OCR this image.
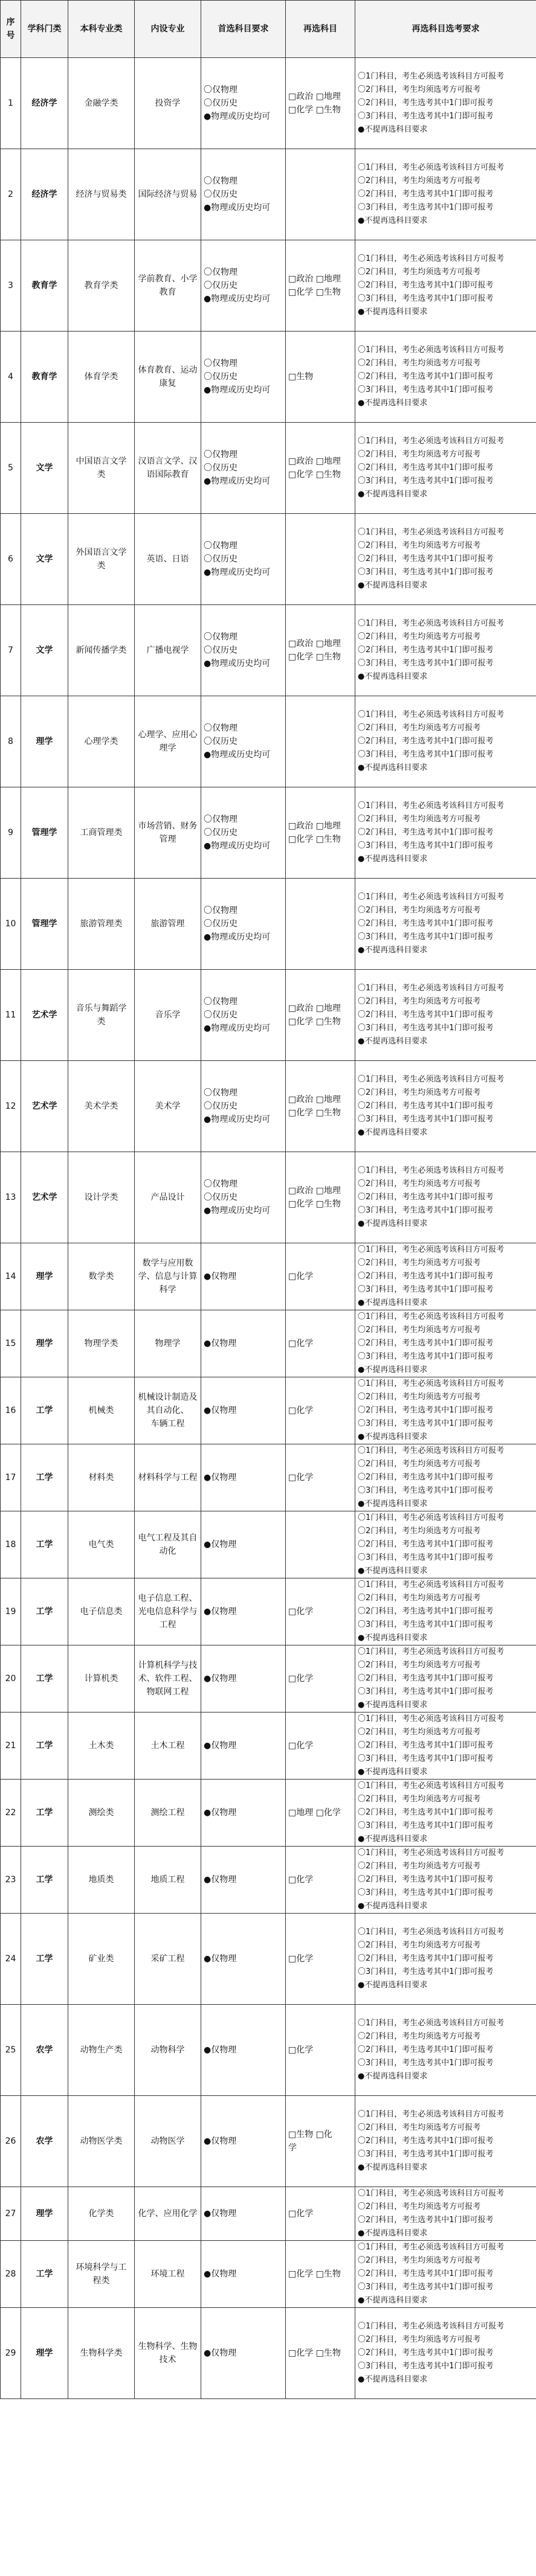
序号	学科门类	本科专业类	内设专业	首选科目要求	再选科目	再选科目选考要求
1	经济学	金融学类	投资学	〇仅物理
〇仅历史
●物理或历史均可	□政治 □地理
□化学 □生物	〇1门科目，考生必须选考该科目方可报考
〇2门科目，考生均须选考方可报考
〇2门科目，考生选考其中1门即可报考
〇3门科目，考生选考其中1门即可报考
●不提再选科目要求

2	经济学	经济与贸易类	国际经济与贸易	〇仅物理
〇仅历史
●物理或历史均可		〇1门科目，考生必须选考该科目方可报考
〇2门科目，考生均须选考方可报考
〇2门科目，考生选考其中1门即可报考
〇3门科目，考生选考其中1门即可报考
●不提再选科目要求

3	教育学	教育学类	学前教育、小学
教育	〇仅物理
〇仅历史
●物理或历史均可	□政治 □地理
□化学 □生物	〇1门科目，考生必须选考该科目方可报考
〇2门科目，考生均须选考方可报考
〇2门科目，考生选考其中1门即可报考
〇3门科目，考生选考其中1门即可报考
●不提再选科目要求

4	教育学	体育学类	体育教育、运动
康复	〇仅物理
〇仅历史
●物理或历史均可	□生物	〇1门科目，考生必须选考该科目方可报考
〇2门科目，考生均须选考方可报考
〇2门科目，考生选考其中1门即可报考
〇3门科目，考生选考其中1门即可报考
●不提再选科目要求

5	文学	中国语言文学
类	汉语言文学、汉
语国际教育	〇仅物理
〇仅历史
●物理或历史均可	□政治 □地理
□化学 □生物	〇1门科目，考生必须选考该科目方可报考
〇2门科目，考生均须选考方可报考
〇2门科目，考生选考其中1门即可报考
〇3门科目，考生选考其中1门即可报考
●不提再选科目要求

6	文学	外国语言文学
类	英语、日语	〇仅物理
〇仅历史
●物理或历史均可		〇1门科目，考生必须选考该科目方可报考
〇2门科目，考生均须选考方可报考
〇2门科目，考生选考其中1门即可报考
〇3门科目，考生选考其中1门即可报考
●不提再选科目要求

7	文学	新闻传播学类	广播电视学	〇仅物理
〇仅历史
●物理或历史均可	□政治 □地理
□化学 □生物	〇1门科目，考生必须选考该科目方可报考
〇2门科目，考生均须选考方可报考
〇2门科目，考生选考其中1门即可报考
〇3门科目，考生选考其中1门即可报考
●不提再选科目要求

8	理学	心理学类	心理学、应用心
理学	〇仅物理
〇仅历史
●物理或历史均可		〇1门科目，考生必须选考该科目方可报考
〇2门科目，考生均须选考方可报考
〇2门科目，考生选考其中1门即可报考
〇3门科目，考生选考其中1门即可报考
●不提再选科目要求

9	管理学	工商管理类	市场营销、财务
管理	〇仅物理
〇仅历史
●物理或历史均可	□政治 □地理
□化学 □生物	〇1门科目，考生必须选考该科目方可报考
〇2门科目，考生均须选考方可报考
〇2门科目，考生选考其中1门即可报考
〇3门科目，考生选考其中1门即可报考
●不提再选科目要求

10	管理学	旅游管理类	旅游管理	〇仅物理
〇仅历史
●物理或历史均可		〇1门科目，考生必须选考该科目方可报考
〇2门科目，考生均须选考方可报考
〇2门科目，考生选考其中1门即可报考
〇3门科目，考生选考其中1门即可报考
●不提再选科目要求

11	艺术学	音乐与舞蹈学
类	音乐学	〇仅物理
〇仅历史
●物理或历史均可	□政治 □地理
□化学 □生物	〇1门科目，考生必须选考该科目方可报考
〇2门科目，考生均须选考方可报考
〇2门科目，考生选考其中1门即可报考
〇3门科目，考生选考其中1门即可报考
●不提再选科目要求

12	艺术学	美术学类	美术学	〇仅物理
〇仅历史
●物理或历史均可	□政治 □地理
□化学 □生物	〇1门科目，考生必须选考该科目方可报考
〇2门科目，考生均须选考方可报考
〇2门科目，考生选考其中1门即可报考
〇3门科目，考生选考其中1门即可报考
●不提再选科目要求

13	艺术学	设计学类	产品设计	〇仅物理
〇仅历史
●物理或历史均可	□政治 □地理
□化学 □生物	〇1门科目，考生必须选考该科目方可报考
〇2门科目，考生均须选考方可报考
〇2门科目，考生选考其中1门即可报考
〇3门科目，考生选考其中1门即可报考
●不提再选科目要求

14	理学	数学类	数学与应用数
学、信息与计算
科学	●仅物理	□化学	〇1门科目，考生必须选考该科目方可报考
〇2门科目，考生均须选考方可报考
〇2门科目，考生选考其中1门即可报考
〇3门科目，考生选考其中1门即可报考
●不提再选科目要求

15	理学	物理学类	物理学	●仅物理	□化学	〇1门科目，考生必须选考该科目方可报考
〇2门科目，考生均须选考方可报考
〇2门科目，考生选考其中1门即可报考
〇3门科目，考生选考其中1门即可报考
●不提再选科目要求

16	工学	机械类	机械设计制造及
其自动化、
车辆工程	●仅物理	□化学	〇1门科目，考生必须选考该科目方可报考
〇2门科目，考生均须选考方可报考
〇2门科目，考生选考其中1门即可报考
〇3门科目，考生选考其中1门即可报考
●不提再选科目要求

17	工学	材料类	材料科学与工程	●仅物理	□化学	〇1门科目，考生必须选考该科目方可报考
〇2门科目，考生均须选考方可报考
〇2门科目，考生选考其中1门即可报考
〇3门科目，考生选考其中1门即可报考
●不提再选科目要求

18	工学	电气类	电气工程及其自
动化	●仅物理		〇1门科目，考生必须选考该科目方可报考
〇2门科目，考生均须选考方可报考
〇2门科目，考生选考其中1门即可报考
〇3门科目，考生选考其中1门即可报考
●不提再选科目要求

19	工学	电子信息类	电子信息工程、
光电信息科学与
工程	●仅物理	□化学	〇1门科目，考生必须选考该科目方可报考
〇2门科目，考生均须选考方可报考
〇2门科目，考生选考其中1门即可报考
〇3门科目，考生选考其中1门即可报考
●不提再选科目要求

20	工学	计算机类	计算机科学与技
术、软件工程、
物联网工程	●仅物理	□化学	〇1门科目，考生必须选考该科目方可报考
〇2门科目，考生均须选考方可报考
〇2门科目，考生选考其中1门即可报考
〇3门科目，考生选考其中1门即可报考
●不提再选科目要求

21	工学	土木类	土木工程	●仅物理	□化学	〇1门科目，考生必须选考该科目方可报考
〇2门科目，考生均须选考方可报考
〇2门科目，考生选考其中1门即可报考
〇3门科目，考生选考其中1门即可报考
●不提再选科目要求

22	工学	测绘类	测绘工程	●仅物理	□地理 □化学	〇1门科目，考生必须选考该科目方可报考
〇2门科目，考生均须选考方可报考
〇2门科目，考生选考其中1门即可报考
〇3门科目，考生选考其中1门即可报考
●不提再选科目要求

23	工学	地质类	地质工程	●仅物理	□化学	〇1门科目，考生必须选考该科目方可报考
〇2门科目，考生均须选考方可报考
〇2门科目，考生选考其中1门即可报考
〇3门科目，考生选考其中1门即可报考
●不提再选科目要求

24	工学	矿业类	采矿工程	●仅物理	□化学	〇1门科目，考生必须选考该科目方可报考
〇2门科目，考生均须选考方可报考
〇2门科目，考生选考其中1门即可报考
〇3门科目，考生选考其中1门即可报考
●不提再选科目要求

25	农学	动物生产类	动物科学	●仅物理	□化学	〇1门科目，考生必须选考该科目方可报考
〇2门科目，考生均须选考方可报考
〇2门科目，考生选考其中1门即可报考
〇3门科目，考生选考其中1门即可报考
●不提再选科目要求

26	农学	动物医学类	动物医学	●仅物理	□生物 □化
学	〇1门科目，考生必须选考该科目方可报考
〇2门科目，考生均须选考方可报考
〇2门科目，考生选考其中1门即可报考
〇3门科目，考生选考其中1门即可报考
●不提再选科目要求

27	理学	化学类	化学、应用化学	●仅物理	□化学	〇1门科目，考生必须选考该科目方可报考
〇2门科目，考生均须选考方可报考
〇2门科目，考生选考其中1门即可报考
●不提再选科目要求

28	工学	环境科学与工
程类	环境工程	●仅物理	□化学 □生物	〇1门科目，考生必须选考该科目方可报考
〇2门科目，考生均须选考方可报考
〇2门科目，考生选考其中1门即可报考
〇3门科目，考生选考其中1门即可报考
●不提再选科目要求

29	理学	生物科学类	生物科学、生物
技术	●仅物理	□化学 □生物	〇1门科目，考生必须选考该科目方可报考
〇2门科目，考生均须选考方可报考
〇2门科目，考生选考其中1门即可报考
〇3门科目，考生选考其中1门即可报考
●不提再选科目要求
